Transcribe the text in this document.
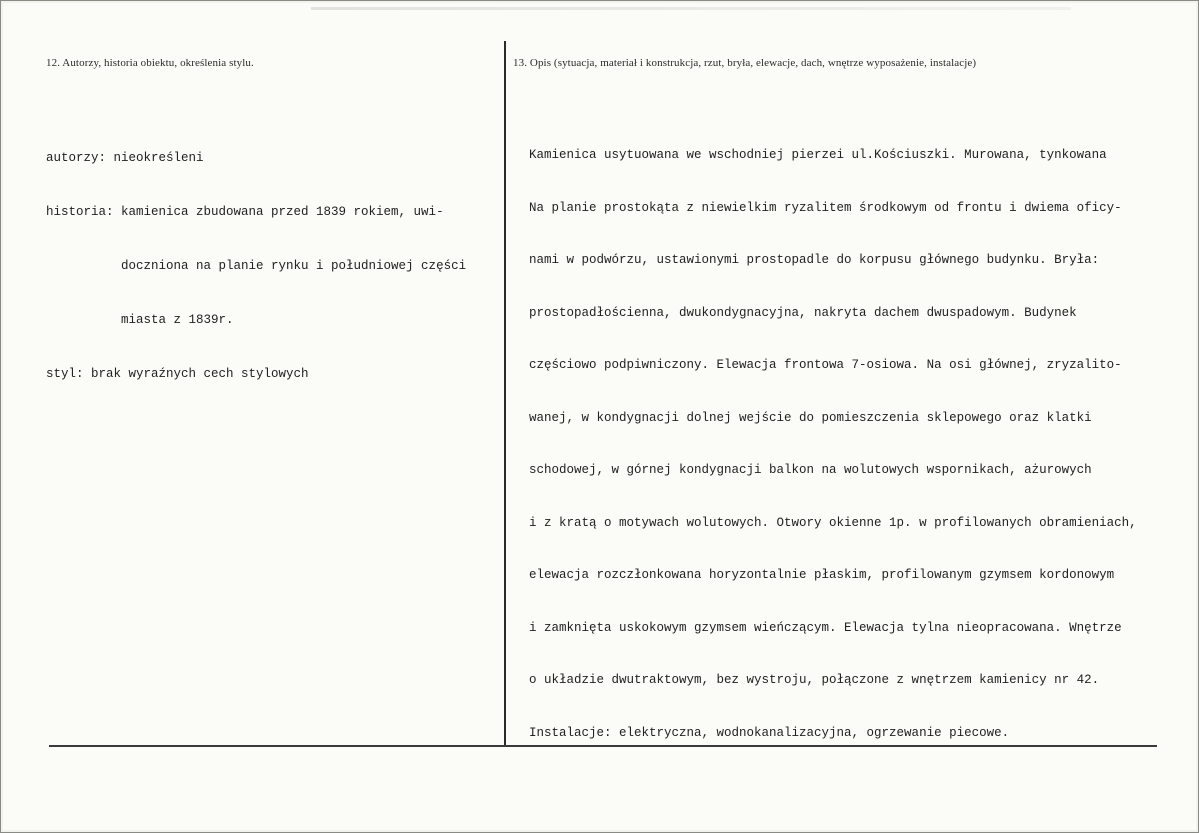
12. Autorzy, historia obiektu, określenia stylu.	13. Opis (sytuacja, materiał i konstrukcja, rzut, bryła, elewacje, dach, wnętrze wyposażenie, instalacje)

autorzy: nieokreśleni

historia: kamienica zbudowana przed 1839 rokiem, uwi-

doczniona na planie rynku i południowej części

miasta z 1839r.

styl: brak wyraźnych cech stylowych

Kamienica usytuowana we wschodniej pierzei ul.Kościuszki. Murowana, tynkowana

Na planie prostokąta z niewielkim ryzalitem środkowym od frontu i dwiema oficy-

nami w podwórzu, ustawionymi prostopadle do korpusu głównego budynku. Bryła:

prostopadłościenna, dwukondygnacyjna, nakryta dachem dwuspadowym. Budynek

częściowo podpiwniczony. Elewacja frontowa 7-osiowa. Na osi głównej, zryzalito-

wanej, w kondygnacji dolnej wejście do pomieszczenia sklepowego oraz klatki

schodowej, w górnej kondygnacji balkon na wolutowych wspornikach, ażurowych

i z kratą o motywach wolutowych. Otwory okienne 1p. w profilowanych obramieniach,

elewacja rozczłonkowana horyzontalnie płaskim, profilowanym gzymsem kordonowym

i zamknięta uskokowym gzymsem wieńczącym. Elewacja tylna nieopracowana. Wnętrze

o układzie dwutraktowym, bez wystroju, połączone z wnętrzem kamienicy nr 42.

Instalacje: elektryczna, wodnokanalizacyjna, ogrzewanie piecowe.
